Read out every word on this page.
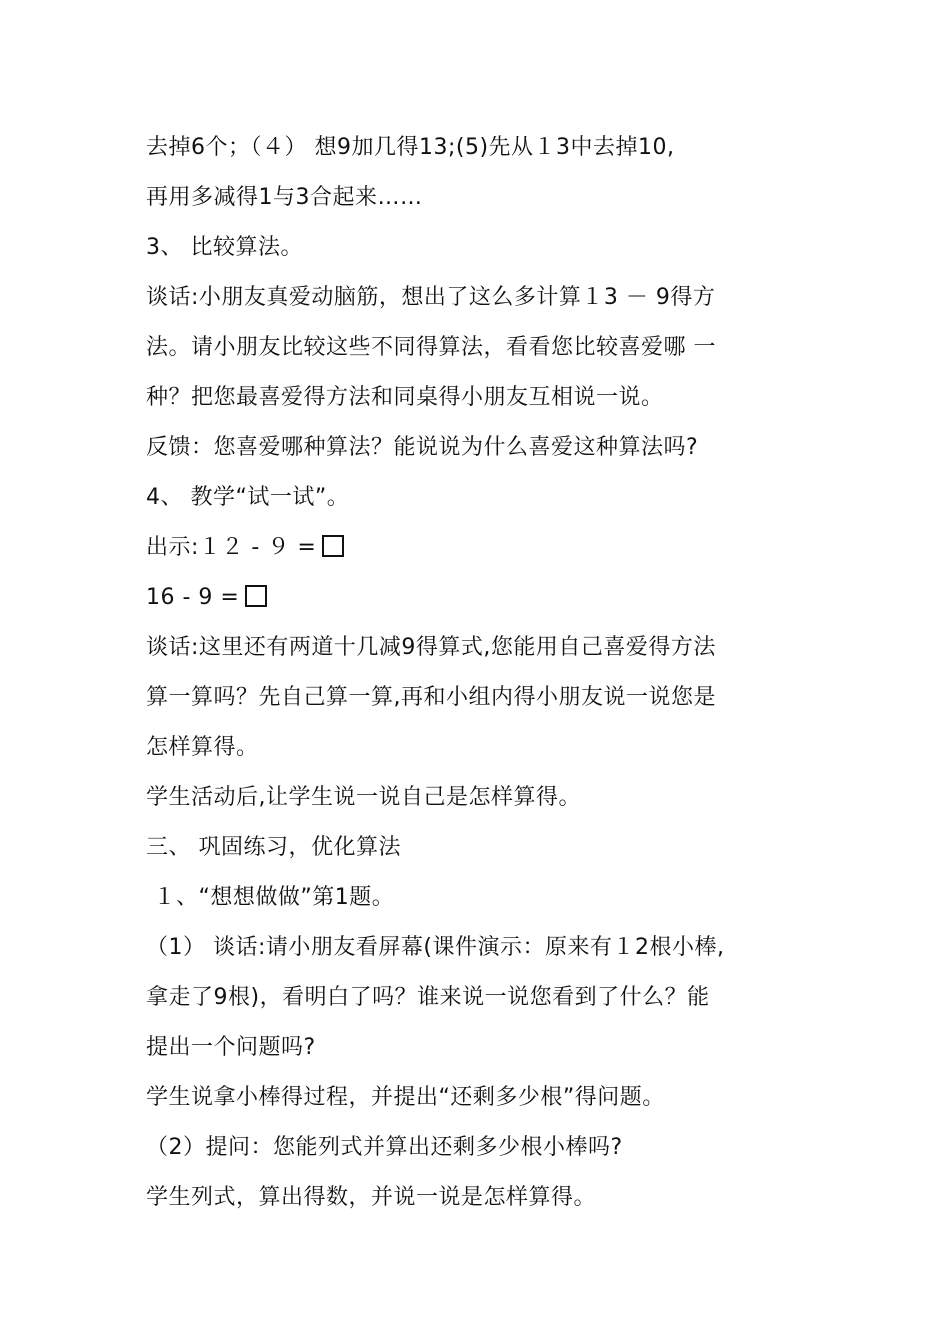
去掉6个；（４） 想9加几得13;(5)先从１3中去掉10,
再用多减得1与3合起来……
3、 比较算法。
谈话:小朋友真爱动脑筋，想出了这么多计算１3 － 9得方
法。请小朋友比较这些不同得算法，看看您比较喜爱哪 一
种？把您最喜爱得方法和同桌得小朋友互相说一说。
反馈：您喜爱哪种算法？能说说为什么喜爱这种算法吗?
4、 教学“试一试”。
出示:１２ - ９ =
16 - 9 =
谈话:这里还有两道十几减9得算式,您能用自己喜爱得方法
算一算吗？先自己算一算,再和小组内得小朋友说一说您是
怎样算得。
学生活动后,让学生说一说自己是怎样算得。
三、 巩固练习，优化算法
１、“想想做做”第1题。
（1） 谈话:请小朋友看屏幕(课件演示：原来有１2根小棒,
拿走了9根)，看明白了吗？谁来说一说您看到了什么？能
提出一个问题吗?
学生说拿小棒得过程，并提出“还剩多少根”得问题。
（2）提问：您能列式并算出还剩多少根小棒吗?
学生列式，算出得数，并说一说是怎样算得。
